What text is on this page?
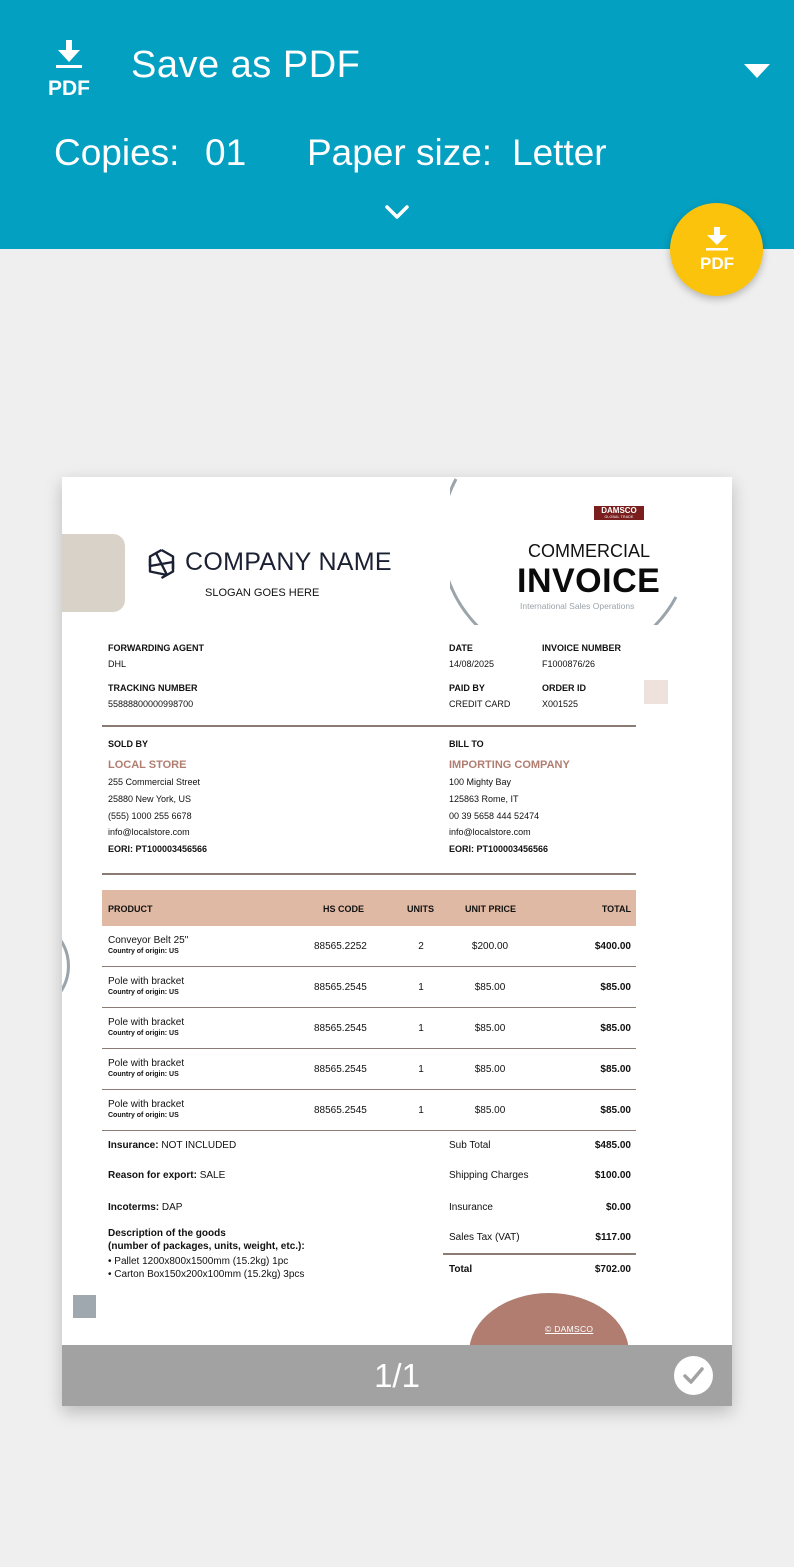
PDF
Save as PDF
Copies: 01 Paper size: Letter
PDF
© DAMSCO
DAMSCO
GLOBAL TRADE
COMPANY NAME
SLOGAN GOES HERE
COMMERCIAL
INVOICE
International Sales Operations
FORWARDING AGENT
DHL
TRACKING NUMBER
55888800000998700
DATE
14/08/2025
INVOICE NUMBER
F1000876/26
PAID BY
CREDIT CARD
ORDER ID
X001525
SOLD BY
LOCAL STORE
255 Commercial Street
25880 New York, US
(555) 1000 255 6678
info@localstore.com
EORI: PT100003456566
BILL TO
IMPORTING COMPANY
100 Mighty Bay
125863 Rome, IT
00 39 5658 444 52474
info@localstore.com
EORI: PT100003456566
PRODUCT	HS CODE	UNITS	UNIT PRICE	TOTAL
Conveyor Belt 25"
Country of origin: US	88565.2252	2	$200.00	$400.00
Pole with bracket
Country of origin: US	88565.2545	1	$85.00	$85.00
Pole with bracket
Country of origin: US	88565.2545	1	$85.00	$85.00
Pole with bracket
Country of origin: US	88565.2545	1	$85.00	$85.00
Pole with bracket
Country of origin: US	88565.2545	1	$85.00	$85.00
Insurance: NOT INCLUDED
Reason for export: SALE
Incoterms: DAP
Description of the goods
(number of packages, units, weight, etc.):
• Pallet 1200x800x1500mm (15.2kg) 1pc
• Carton Box150x200x100mm (15.2kg) 3pcs
Sub Total	$485.00
Shipping Charges	$100.00
Insurance	$0.00
Sales Tax (VAT)	$117.00
Total	$702.00
1/1
